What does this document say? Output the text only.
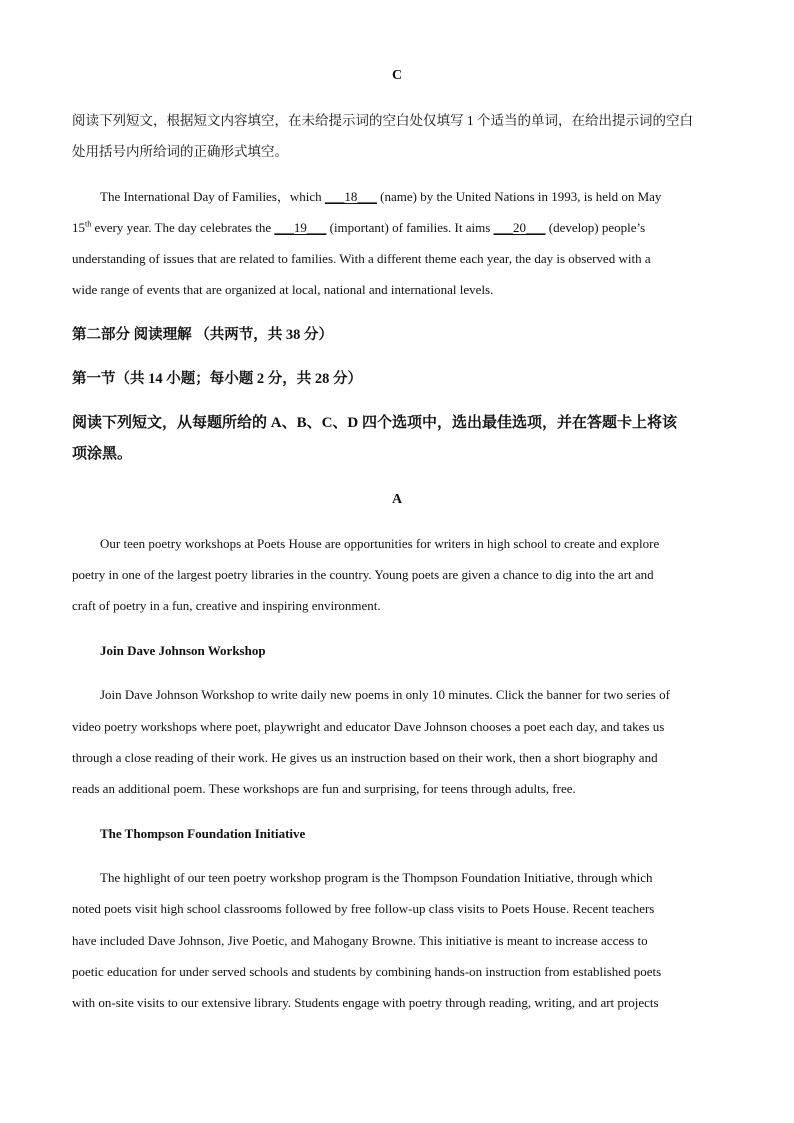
C
阅读下列短文，根据短文内容填空，在未给提示词的空白处仅填写 1 个适当的单词，在给出提示词的空白
处用括号内所给词的正确形式填空。
The International Day of Families，which ___18___ (name) by the United Nations in 1993, is held on May
15th every year. The day celebrates the ___19___ (important) of families. It aims ___20___ (develop) people’s
understanding of issues that are related to families. With a different theme each year, the day is observed with a
wide range of events that are organized at local, national and international levels.
第二部分 阅读理解 （共两节，共 38 分）
第一节（共 14 小题；每小题 2 分，共 28 分）
阅读下列短文，从每题所给的 A、B、C、D 四个选项中，选出最佳选项，并在答题卡上将该
项涂黑。
A
Our teen poetry workshops at Poets House are opportunities for writers in high school to create and explore
poetry in one of the largest poetry libraries in the country. Young poets are given a chance to dig into the art and
craft of poetry in a fun, creative and inspiring environment.
Join Dave Johnson Workshop
Join Dave Johnson Workshop to write daily new poems in only 10 minutes. Click the banner for two series of
video poetry workshops where poet, playwright and educator Dave Johnson chooses a poet each day, and takes us
through a close reading of their work. He gives us an instruction based on their work, then a short biography and
reads an additional poem. These workshops are fun and surprising, for teens through adults, free.
The Thompson Foundation Initiative
The highlight of our teen poetry workshop program is the Thompson Foundation Initiative, through which
noted poets visit high school classrooms followed by free follow-up class visits to Poets House. Recent teachers
have included Dave Johnson, Jive Poetic, and Mahogany Browne. This initiative is meant to increase access to
poetic education for under served schools and students by combining hands-on instruction from established poets
with on-site visits to our extensive library. Students engage with poetry through reading, writing, and art projects
